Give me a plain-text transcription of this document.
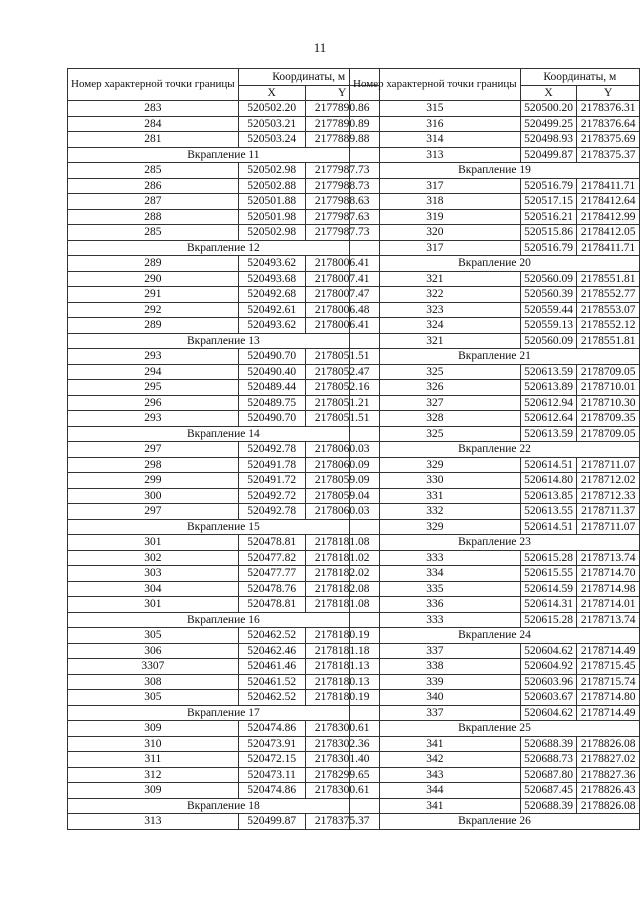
11
Номер характерной точки границы	Координаты, м	
	X	Y
283	520502.20	2177890.86
284	520503.21	2177890.89
281	520503.24	2177889.88
Вкрапление 11		
285	520502.98	2177987.73
286	520502.88	2177988.73
287	520501.88	2177988.63
288	520501.98	2177987.63
285	520502.98	2177987.73
Вкрапление 12		
289	520493.62	2178006.41
290	520493.68	2178007.41
291	520492.68	2178007.47
292	520492.61	2178006.48
289	520493.62	2178006.41
Вкрапление 13		
293	520490.70	2178051.51
294	520490.40	2178052.47
295	520489.44	2178052.16
296	520489.75	2178051.21
293	520490.70	2178051.51
Вкрапление 14		
297	520492.78	2178060.03
298	520491.78	2178060.09
299	520491.72	2178059.09
300	520492.72	2178059.04
297	520492.78	2178060.03
Вкрапление 15		
301	520478.81	2178181.08
302	520477.82	2178181.02
303	520477.77	2178182.02
304	520478.76	2178182.08
301	520478.81	2178181.08
Вкрапление 16		
305	520462.52	2178180.19
306	520462.46	2178181.18
3307	520461.46	2178181.13
308	520461.52	2178180.13
305	520462.52	2178180.19
Вкрапление 17		
309	520474.86	2178300.61
310	520473.91	2178302.36
311	520472.15	2178301.40
312	520473.11	2178299.65
309	520474.86	2178300.61
Вкрапление 18		
313	520499.87	2178375.37
Номер характерной точки границы	Координаты, м	
	X	Y
315	520500.20	2178376.31
316	520499.25	2178376.64
314	520498.93	2178375.69
313	520499.87	2178375.37
Вкрапление 19		
317	520516.79	2178411.71
318	520517.15	2178412.64
319	520516.21	2178412.99
320	520515.86	2178412.05
317	520516.79	2178411.71
Вкрапление 20		
321	520560.09	2178551.81
322	520560.39	2178552.77
323	520559.44	2178553.07
324	520559.13	2178552.12
321	520560.09	2178551.81
Вкрапление 21		
325	520613.59	2178709.05
326	520613.89	2178710.01
327	520612.94	2178710.30
328	520612.64	2178709.35
325	520613.59	2178709.05
Вкрапление 22		
329	520614.51	2178711.07
330	520614.80	2178712.02
331	520613.85	2178712.33
332	520613.55	2178711.37
329	520614.51	2178711.07
Вкрапление 23		
333	520615.28	2178713.74
334	520615.55	2178714.70
335	520614.59	2178714.98
336	520614.31	2178714.01
333	520615.28	2178713.74
Вкрапление 24		
337	520604.62	2178714.49
338	520604.92	2178715.45
339	520603.96	2178715.74
340	520603.67	2178714.80
337	520604.62	2178714.49
Вкрапление 25		
341	520688.39	2178826.08
342	520688.73	2178827.02
343	520687.80	2178827.36
344	520687.45	2178826.43
341	520688.39	2178826.08
Вкрапление 26		
